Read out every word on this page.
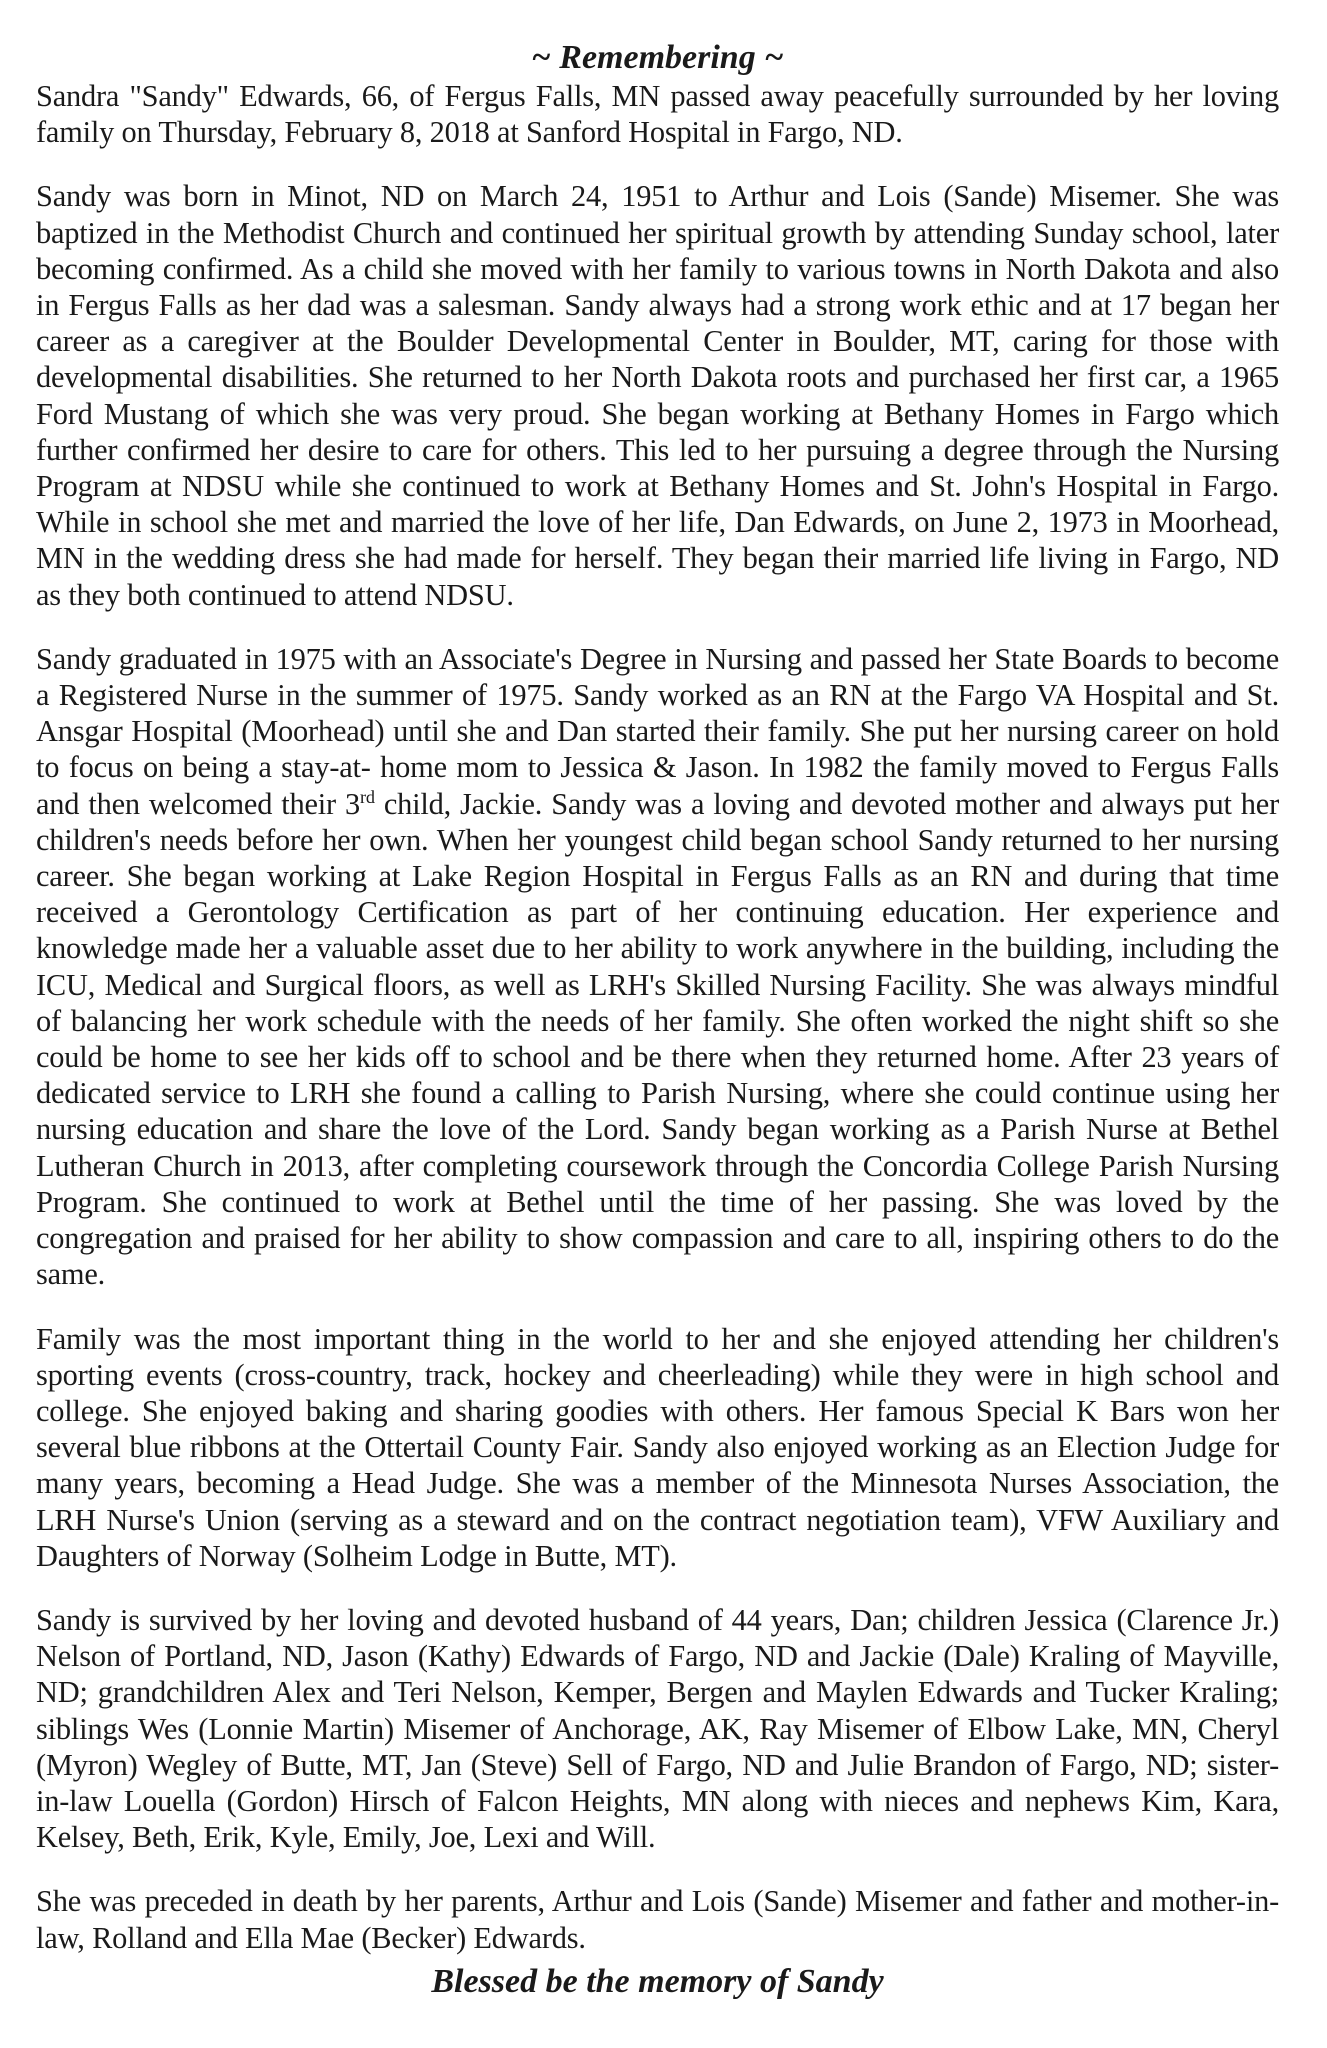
~ Remembering ~

Sandra "Sandy" Edwards, 66, of Fergus Falls, MN passed away peacefully surrounded by her loving family on Thursday, February 8, 2018 at Sanford Hospital in Fargo, ND.

Sandy was born in Minot, ND on March 24, 1951 to Arthur and Lois (Sande) Misemer. She was baptized in the Methodist Church and continued her spiritual growth by attending Sunday school, later becoming confirmed. As a child she moved with her family to various towns in North Dakota and also in Fergus Falls as her dad was a salesman. Sandy always had a strong work ethic and at 17 began her career as a caregiver at the Boulder Developmental Center in Boulder, MT, caring for those with developmental disabilities. She returned to her North Dakota roots and purchased her first car, a 1965 Ford Mustang of which she was very proud. She began working at Bethany Homes in Fargo which further confirmed her desire to care for others. This led to her pursuing a degree through the Nursing Program at NDSU while she continued to work at Bethany Homes and St. John's Hospital in Fargo. While in school she met and married the love of her life, Dan Edwards, on June 2, 1973 in Moorhead, MN in the wedding dress she had made for herself. They began their married life living in Fargo, ND as they both continued to attend NDSU.

Sandy graduated in 1975 with an Associate's Degree in Nursing and passed her State Boards to become a Registered Nurse in the summer of 1975. Sandy worked as an RN at the Fargo VA Hospital and St. Ansgar Hospital (Moorhead) until she and Dan started their family. She put her nursing career on hold to focus on being a stay-at- home mom to Jessica & Jason. In 1982 the family moved to Fergus Falls and then welcomed their 3rd child, Jackie. Sandy was a loving and devoted mother and always put her children's needs before her own. When her youngest child began school Sandy returned to her nursing career. She began working at Lake Region Hospital in Fergus Falls as an RN and during that time received a Gerontology Certification as part of her continuing education. Her experience and knowledge made her a valuable asset due to her ability to work anywhere in the building, including the ICU, Medical and Surgical floors, as well as LRH's Skilled Nursing Facility. She was always mindful of balancing her work schedule with the needs of her family. She often worked the night shift so she could be home to see her kids off to school and be there when they returned home. After 23 years of dedicated service to LRH she found a calling to Parish Nursing, where she could continue using her nursing education and share the love of the Lord. Sandy began working as a Parish Nurse at Bethel Lutheran Church in 2013, after completing coursework through the Concordia College Parish Nursing Program. She continued to work at Bethel until the time of her passing. She was loved by the congregation and praised for her ability to show compassion and care to all, inspiring others to do the same.

Family was the most important thing in the world to her and she enjoyed attending her children's sporting events (cross-country, track, hockey and cheerleading) while they were in high school and college. She enjoyed baking and sharing goodies with others. Her famous Special K Bars won her several blue ribbons at the Ottertail County Fair. Sandy also enjoyed working as an Election Judge for many years, becoming a Head Judge. She was a member of the Minnesota Nurses Association, the LRH Nurse's Union (serving as a steward and on the contract negotiation team), VFW Auxiliary and Daughters of Norway (Solheim Lodge in Butte, MT).

Sandy is survived by her loving and devoted husband of 44 years, Dan; children Jessica (Clarence Jr.) Nelson of Portland, ND, Jason (Kathy) Edwards of Fargo, ND and Jackie (Dale) Kraling of Mayville, ND; grandchildren Alex and Teri Nelson, Kemper, Bergen and Maylen Edwards and Tucker Kraling; siblings Wes (Lonnie Martin) Misemer of Anchorage, AK, Ray Misemer of Elbow Lake, MN, Cheryl (Myron) Wegley of Butte, MT, Jan (Steve) Sell of Fargo, ND and Julie Brandon of Fargo, ND; sister-in-law Louella (Gordon) Hirsch of Falcon Heights, MN along with nieces and nephews Kim, Kara, Kelsey, Beth, Erik, Kyle, Emily, Joe, Lexi and Will.

She was preceded in death by her parents, Arthur and Lois (Sande) Misemer and father and mother-in-law, Rolland and Ella Mae (Becker) Edwards.

Blessed be the memory of Sandy
